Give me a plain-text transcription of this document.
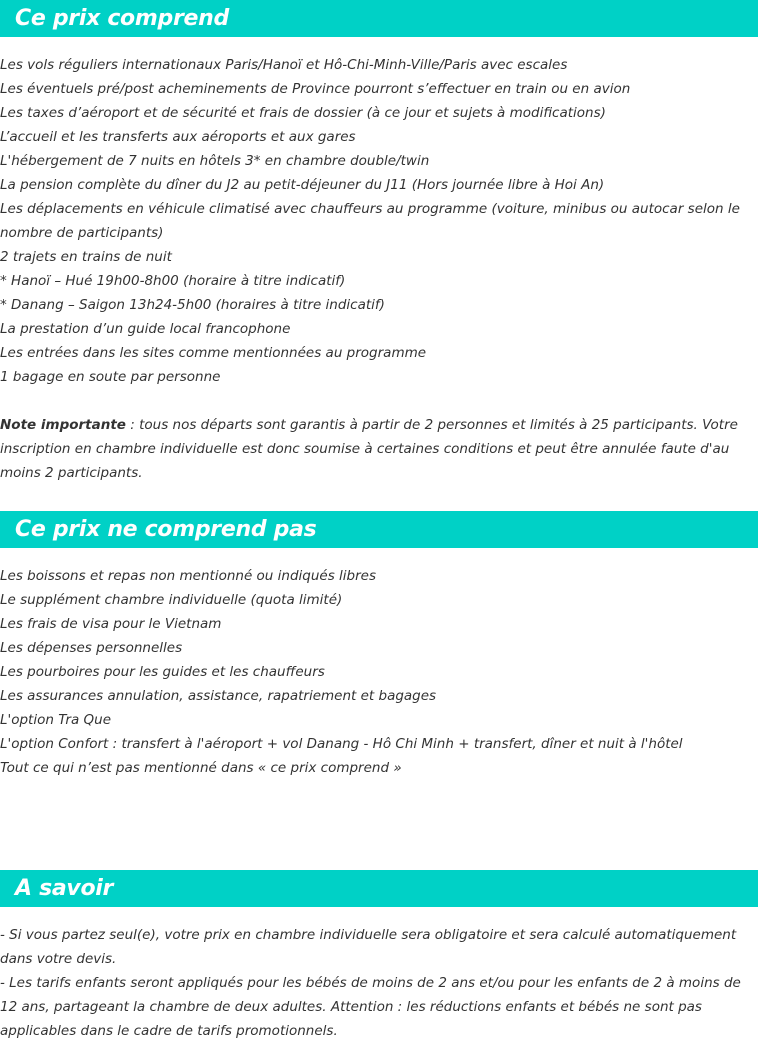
Ce prix comprend
Les vols réguliers internationaux Paris/Hanoï et Hô-Chi-Minh-Ville/Paris avec escales
Les éventuels pré/post acheminements de Province pourront s’effectuer en train ou en avion
Les taxes d’aéroport et de sécurité et frais de dossier (à ce jour et sujets à modifications)
L’accueil et les transferts aux aéroports et aux gares
L'hébergement de 7 nuits en hôtels 3* en chambre double/twin
La pension complète du dîner du J2 au petit-déjeuner du J11 (Hors journée libre à Hoi An)
Les déplacements en véhicule climatisé avec chauffeurs au programme (voiture, minibus ou autocar selon le nombre de participants)
2 trajets en trains de nuit
* Hanoï – Hué 19h00-8h00 (horaire à titre indicatif)
* Danang – Saigon 13h24-5h00 (horaires à titre indicatif)
La prestation d’un guide local francophone
Les entrées dans les sites comme mentionnées au programme
1 bagage en soute par personne

Note importante : tous nos départs sont garantis à partir de 2 personnes et limités à 25 participants. Votre inscription en chambre individuelle est donc soumise à certaines conditions et peut être annulée faute d'au moins 2 participants.

Ce prix ne comprend pas
Les boissons et repas non mentionné ou indiqués libres
Le supplément chambre individuelle (quota limité)
Les frais de visa pour le Vietnam
Les dépenses personnelles
Les pourboires pour les guides et les chauffeurs
Les assurances annulation, assistance, rapatriement et bagages
L'option Tra Que
L'option Confort : transfert à l'aéroport + vol Danang - Hô Chi Minh + transfert, dîner et nuit à l'hôtel
Tout ce qui n’est pas mentionné dans « ce prix comprend »
A savoir

- Si vous partez seul(e), votre prix en chambre individuelle sera obligatoire et sera calculé automatiquement dans votre devis.

- Les tarifs enfants seront appliqués pour les bébés de moins de 2 ans et/ou pour les enfants de 2 à moins de 12 ans, partageant la chambre de deux adultes. Attention : les réductions enfants et bébés ne sont pas applicables dans le cadre de tarifs promotionnels.
